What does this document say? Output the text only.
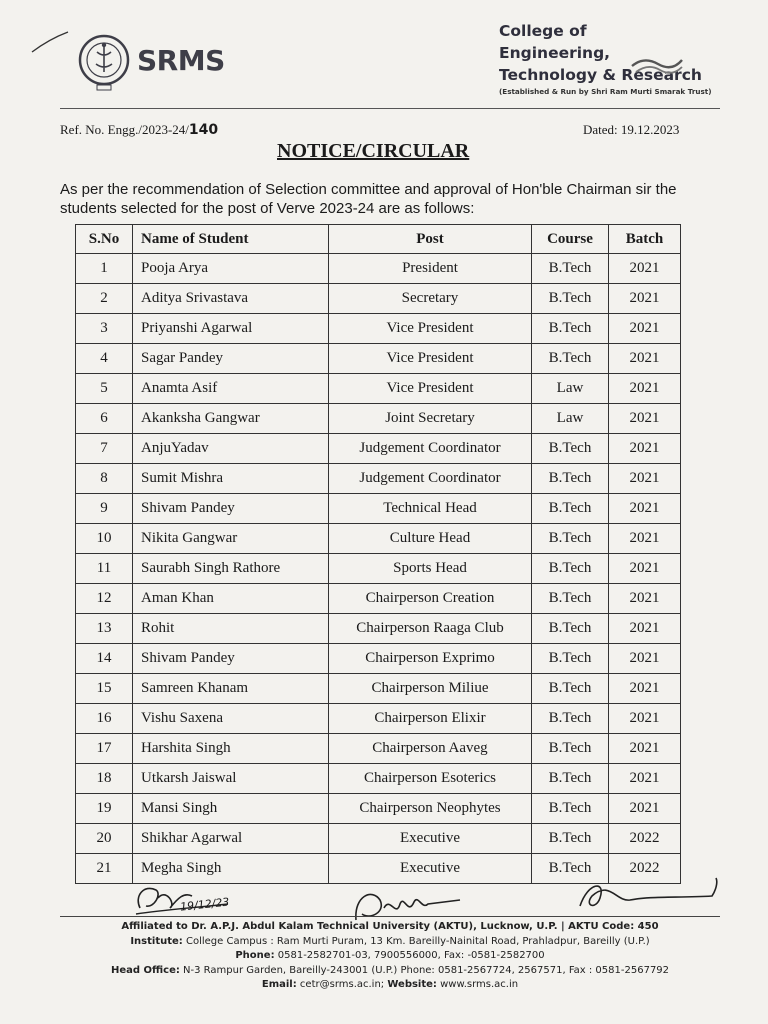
SRMS
College of
Engineering,
Technology & Research
(Established & Run by Shri Ram Murti Smarak Trust)
Ref. No. Engg./2023-24/140	Dated: 19.12.2023
NOTICE/CIRCULAR
As per the recommendation of Selection committee and approval of Hon'ble Chairman sir the students selected for the post of Verve 2023-24 are as follows:
S.No	Name of Student	Post	Course	Batch
1	Pooja Arya	President	B.Tech	2021
2	Aditya Srivastava	Secretary	B.Tech	2021
3	Priyanshi Agarwal	Vice President	B.Tech	2021
4	Sagar Pandey	Vice President	B.Tech	2021
5	Anamta Asif	Vice President	Law	2021
6	Akanksha Gangwar	Joint Secretary	Law	2021
7	AnjuYadav	Judgement Coordinator	B.Tech	2021
8	Sumit Mishra	Judgement Coordinator	B.Tech	2021
9	Shivam Pandey	Technical Head	B.Tech	2021
10	Nikita Gangwar	Culture Head	B.Tech	2021
11	Saurabh Singh Rathore	Sports Head	B.Tech	2021
12	Aman Khan	Chairperson Creation	B.Tech	2021
13	Rohit	Chairperson Raaga Club	B.Tech	2021
14	Shivam Pandey	Chairperson Exprimo	B.Tech	2021
15	Samreen Khanam	Chairperson Miliue	B.Tech	2021
16	Vishu Saxena	Chairperson Elixir	B.Tech	2021
17	Harshita Singh	Chairperson Aaveg	B.Tech	2021
18	Utkarsh Jaiswal	Chairperson Esoterics	B.Tech	2021
19	Mansi Singh	Chairperson Neophytes	B.Tech	2021
20	Shikhar Agarwal	Executive	B.Tech	2022
21	Megha Singh	Executive	B.Tech	2022
19/12/23
Affiliated to Dr. A.P.J. Abdul Kalam Technical University (AKTU), Lucknow, U.P. | AKTU Code: 450
Institute: College Campus : Ram Murti Puram, 13 Km. Bareilly-Nainital Road, Prahladpur, Bareilly (U.P.)
Phone: 0581-2582701-03, 7900556000, Fax: -0581-2582700
Head Office: N-3 Rampur Garden, Bareilly-243001 (U.P.) Phone: 0581-2567724, 2567571, Fax : 0581-2567792
Email: cetr@srms.ac.in; Website: www.srms.ac.in
